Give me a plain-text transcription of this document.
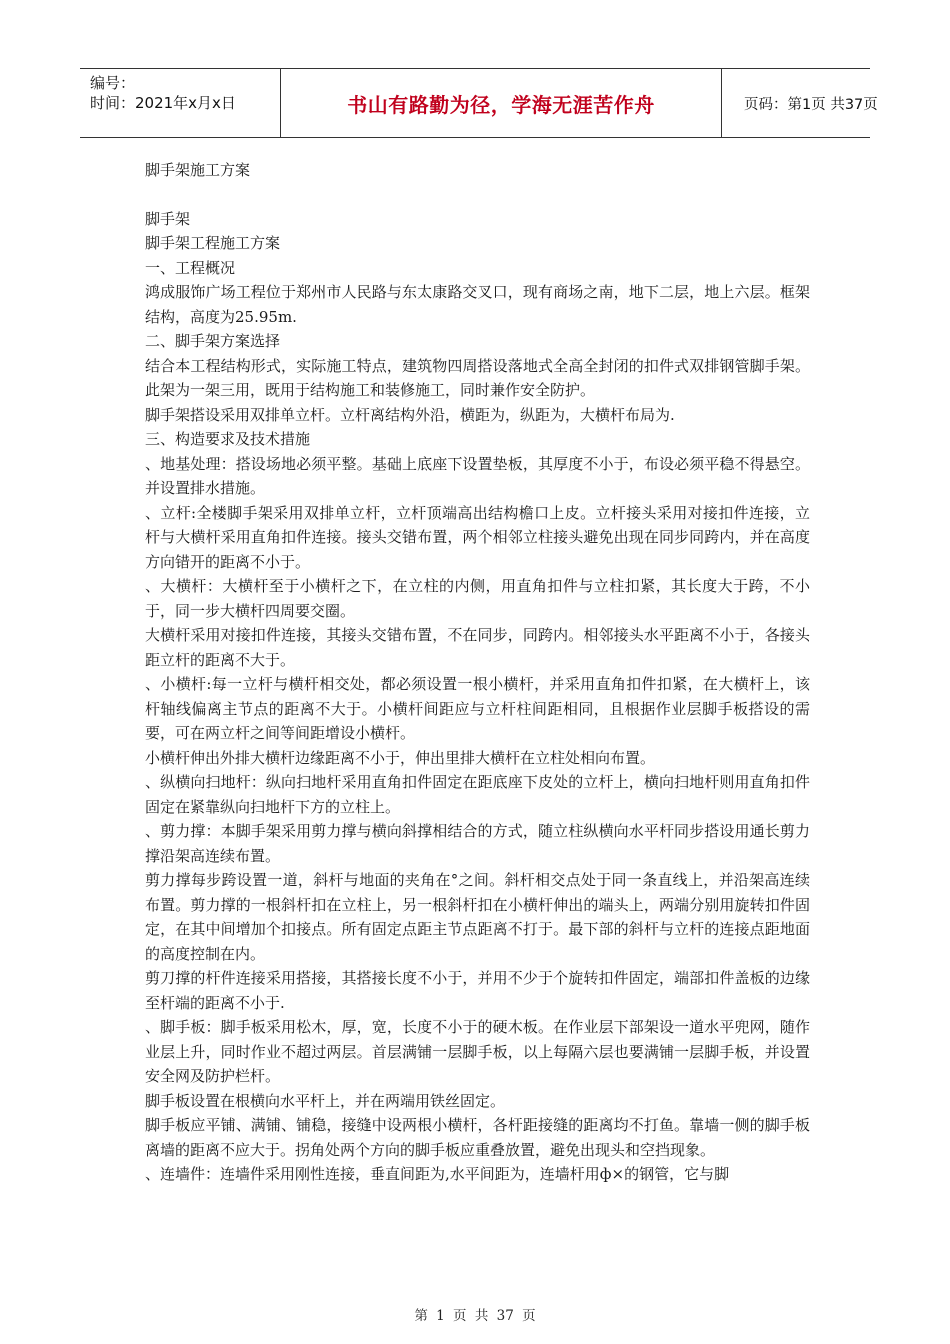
编号：
时间：2021年x月x日	书山有路勤为径，学海无涯苦作舟	页码：第1页 共37页

脚手架施工方案

脚手架

脚手架工程施工方案

一、工程概况

鸿成服饰广场工程位于郑州市人民路与东太康路交叉口，现有商场之南，地下二层，地上六层。框架结构，高度为25.95m.

二、脚手架方案选择

结合本工程结构形式，实际施工特点，建筑物四周搭设落地式全高全封闭的扣件式双排钢管脚手架。此架为一架三用，既用于结构施工和装修施工，同时兼作安全防护。

脚手架搭设采用双排单立杆。立杆离结构外沿，横距为，纵距为，大横杆布局为.

三、构造要求及技术措施

、地基处理：搭设场地必须平整。基础上底座下设置垫板，其厚度不小于，布设必须平稳不得悬空。并设置排水措施。

、立杆:全楼脚手架采用双排单立杆，立杆顶端高出结构檐口上皮。立杆接头采用对接扣件连接，立杆与大横杆采用直角扣件连接。接头交错布置，两个相邻立柱接头避免出现在同步同跨内，并在高度方向错开的距离不小于。

、大横杆：大横杆至于小横杆之下，在立柱的内侧，用直角扣件与立柱扣紧，其长度大于跨，不小于，同一步大横杆四周要交圈。

大横杆采用对接扣件连接，其接头交错布置，不在同步，同跨内。相邻接头水平距离不小于，各接头距立杆的距离不大于。

、小横杆:每一立杆与横杆相交处，都必须设置一根小横杆，并采用直角扣件扣紧，在大横杆上，该杆轴线偏离主节点的距离不大于。小横杆间距应与立杆柱间距相同，且根据作业层脚手板搭设的需要，可在两立杆之间等间距增设小横杆。

小横杆伸出外排大横杆边缘距离不小于，伸出里排大横杆在立柱处相向布置。

、纵横向扫地杆：纵向扫地杆采用直角扣件固定在距底座下皮处的立杆上，横向扫地杆则用直角扣件固定在紧靠纵向扫地杆下方的立柱上。

、剪力撑：本脚手架采用剪力撑与横向斜撑相结合的方式，随立柱纵横向水平杆同步搭设用通长剪力撑沿架高连续布置。

剪力撑每步跨设置一道，斜杆与地面的夹角在°之间。斜杆相交点处于同一条直线上，并沿架高连续布置。剪力撑的一根斜杆扣在立柱上，另一根斜杆扣在小横杆伸出的端头上，两端分别用旋转扣件固定，在其中间增加个扣接点。所有固定点距主节点距离不打于。最下部的斜杆与立杆的连接点距地面的高度控制在内。

剪刀撑的杆件连接采用搭接，其搭接长度不小于，并用不少于个旋转扣件固定，端部扣件盖板的边缘至杆端的距离不小于.

、脚手板：脚手板采用松木，厚，宽，长度不小于的硬木板。在作业层下部架设一道水平兜网，随作业层上升，同时作业不超过两层。首层满铺一层脚手板，以上每隔六层也要满铺一层脚手板，并设置安全网及防护栏杆。

脚手板设置在根横向水平杆上，并在两端用铁丝固定。

脚手板应平铺、满铺、铺稳，接缝中设两根小横杆，各杆距接缝的距离均不打鱼。靠墙一侧的脚手板离墙的距离不应大于。拐角处两个方向的脚手板应重叠放置，避免出现头和空挡现象。

、连墙件：连墙件采用刚性连接，垂直间距为,水平间距为，连墙杆用ф×的钢管，它与脚

第 1 页 共 37 页
